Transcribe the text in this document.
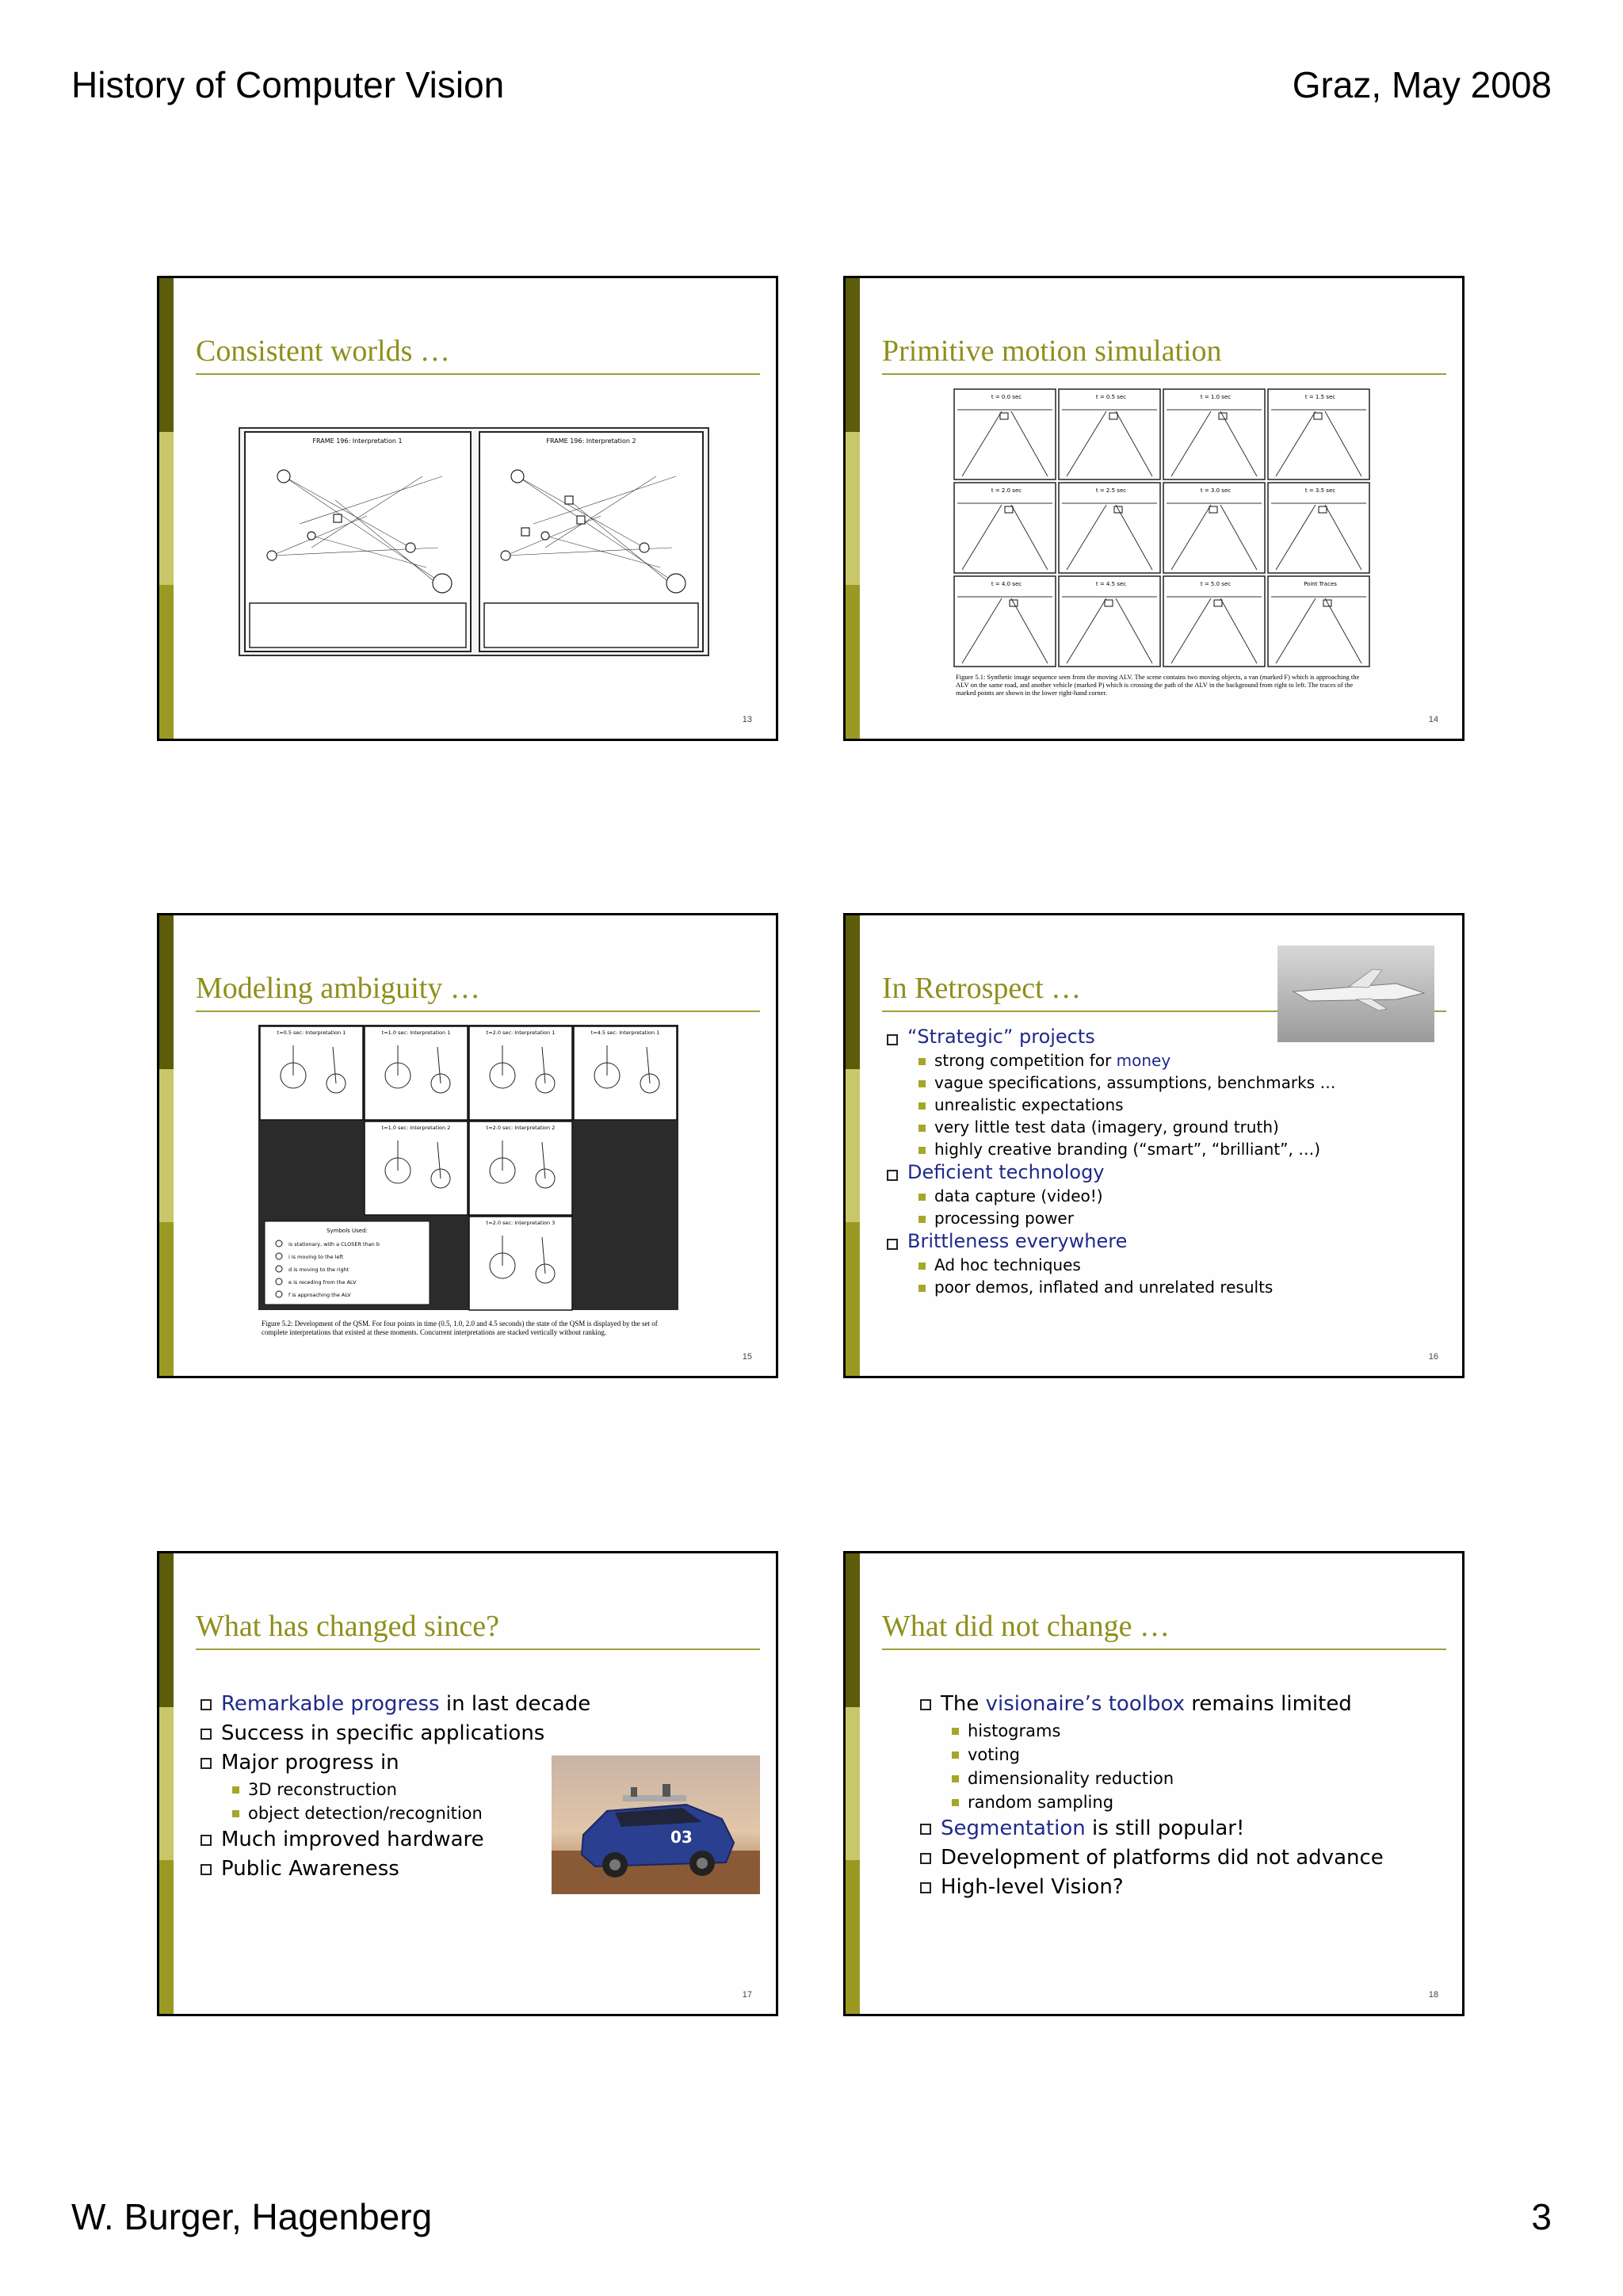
History of Computer Vision	Graz, May 2008
Consistent worlds …
FRAME 196: Interpretation 1	FRAME 196: Interpretation 2
13
Primitive motion simulation
t = 0.0 sec	t = 0.5 sec	t = 1.0 sec	t = 1.5 sec
t = 2.0 sec	t = 2.5 sec	t = 3.0 sec	t = 3.5 sec
t = 4.0 sec	t = 4.5 sec	t = 5.0 sec	Point Traces
Figure 5.1: Synthetic image sequence seen from the moving ALV. The scene contains two moving objects, a van (marked F) which is approaching the ALV on the same road, and another vehicle (marked P) which is crossing the path of the ALV in the background from right to left. The traces of the marked points are shown in the lower right-hand corner.
14
Modeling ambiguity …
t=0.5 sec: Interpretation 1	t=1.0 sec: Interpretation 1	t=2.0 sec: Interpretation 1	t=4.5 sec: Interpretation 1
t=1.0 sec: Interpretation 2	t=2.0 sec: Interpretation 2
t=2.0 sec: Interpretation 3
Symbols Used:
is stationary, with a CLOSER than b
i is moving to the left
d is moving to the right
e is receding from the ALV
f is approaching the ALV
Figure 5.2: Development of the QSM. For four points in time (0.5, 1.0, 2.0 and 4.5 seconds) the state of the QSM is displayed by the set of complete interpretations that existed at these moments. Concurrent interpretations are stacked vertically without ranking.
15
In Retrospect …
“Strategic” projects
strong competition for money
vague specifications, assumptions, benchmarks …
unrealistic expectations
very little test data (imagery, ground truth)
highly creative branding (“smart”, “brilliant”, …)
Deficient technology
data capture (video!)
processing power
Brittleness everywhere
Ad hoc techniques
poor demos, inflated and unrelated results
16
What has changed since?
Remarkable progress in last decade
Success in specific applications
Major progress in
3D reconstruction
object detection/recognition
Much improved hardware
Public Awareness
03
17
What did not change …
The visionaire’s toolbox remains limited
histograms
voting
dimensionality reduction
random sampling
Segmentation is still popular!
Development of platforms did not advance
High-level Vision?
18
W. Burger, Hagenberg	3
